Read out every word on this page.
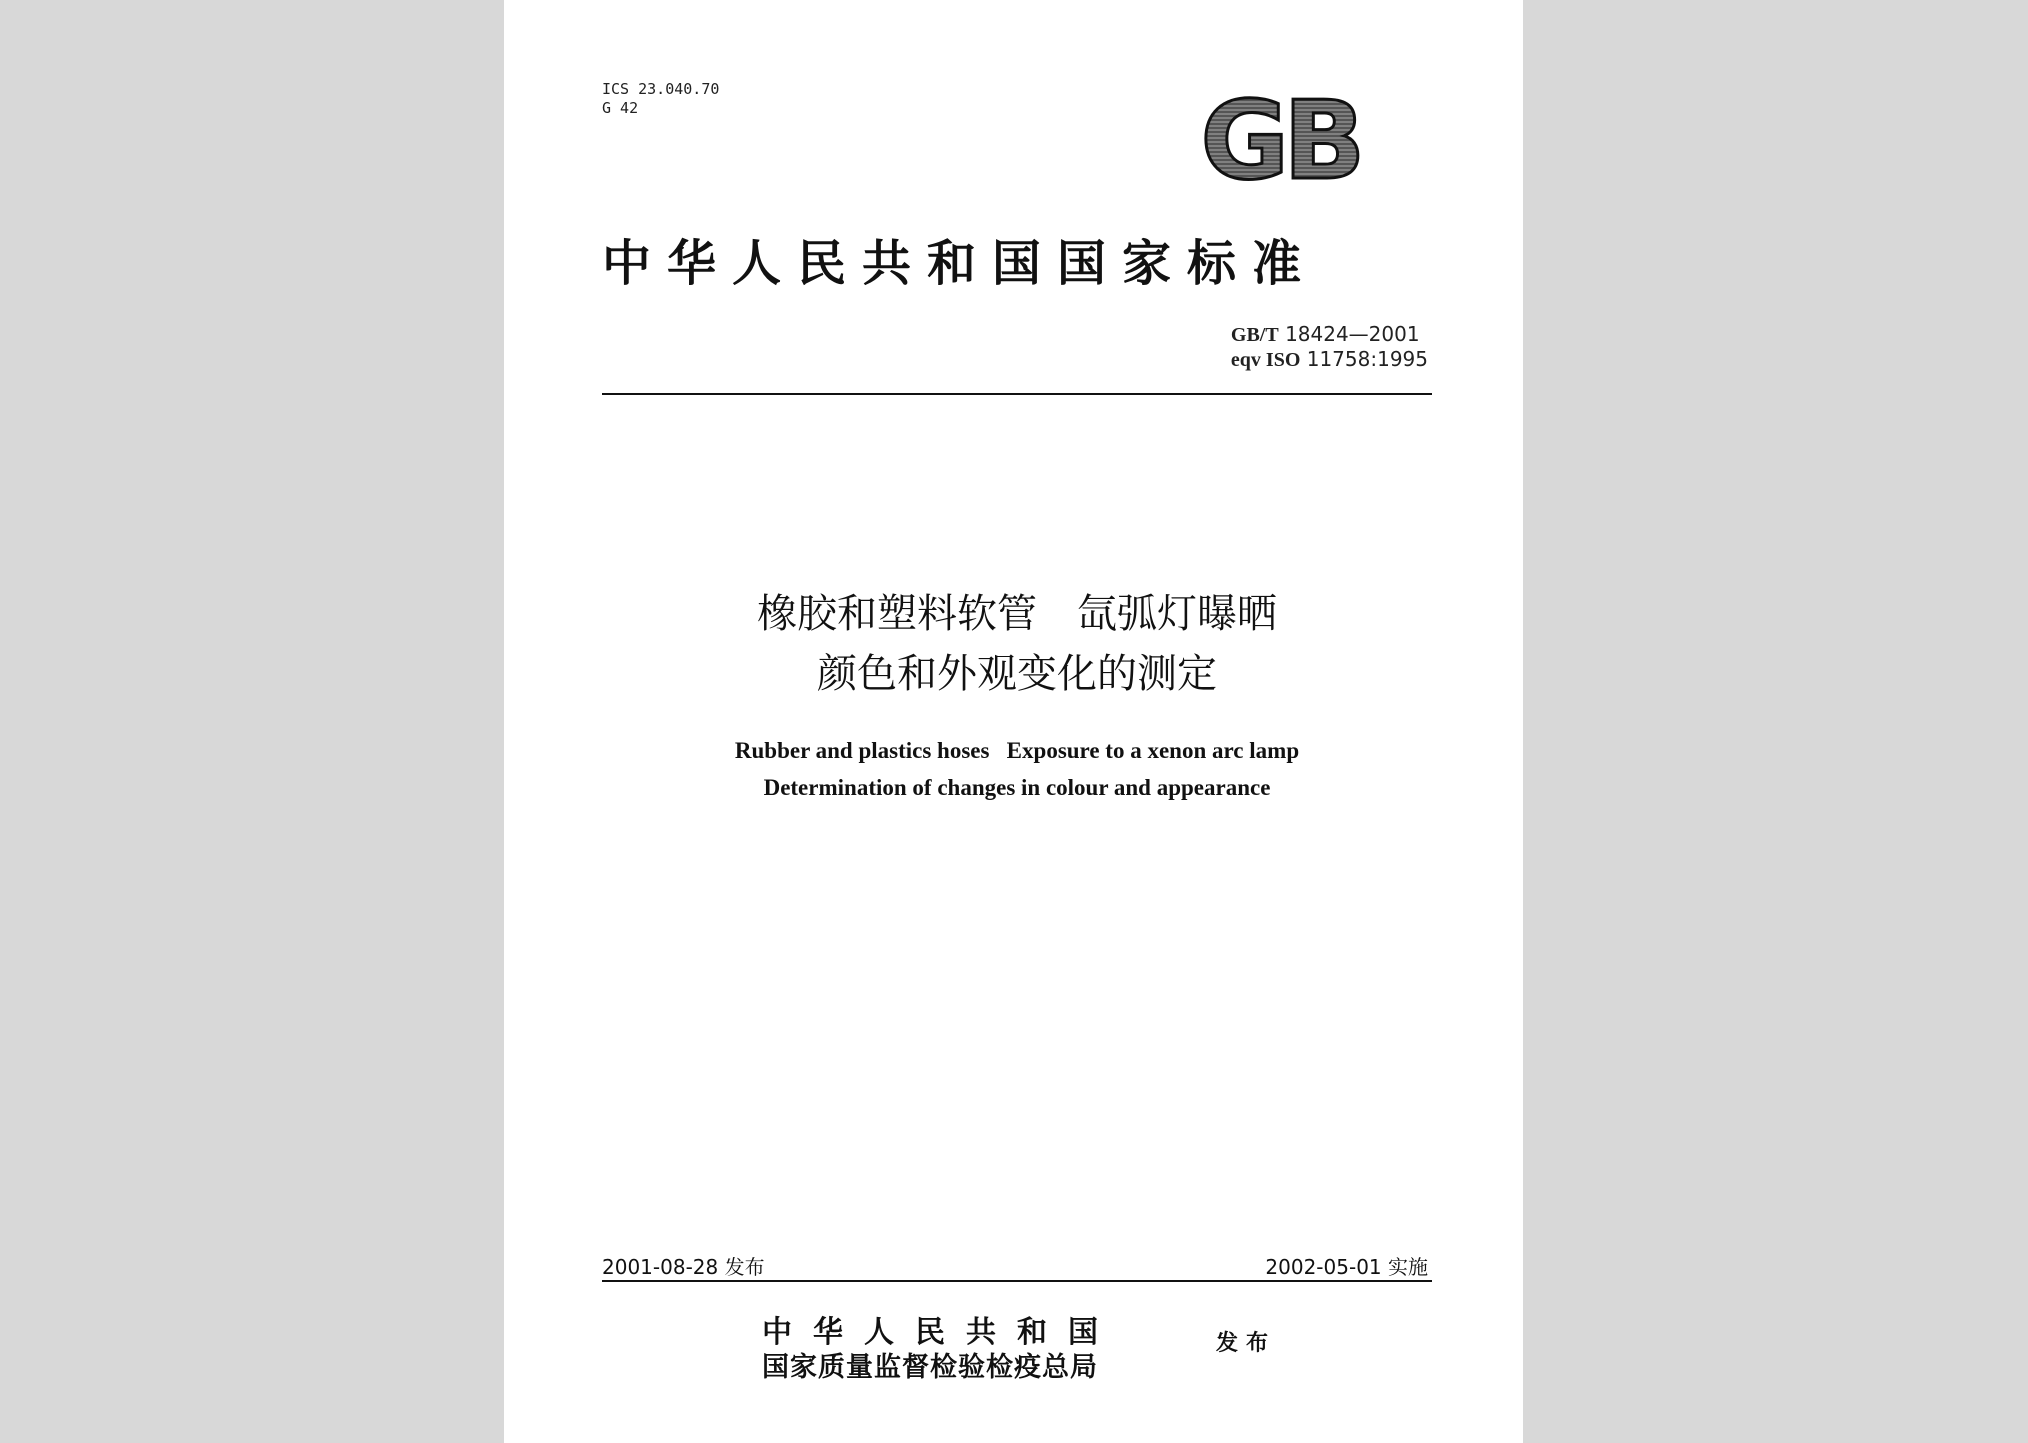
ICS 23.040.70
G 42	GB
中华人民共和国国家标准
GB/T 18424—2001
eqv ISO 11758:1995
橡胶和塑料软管　氙弧灯曝晒
颜色和外观变化的测定
Rubber and plastics hoses   Exposure to a xenon arc lamp
Determination of changes in colour and appearance
2001-08-28 发布	2002-05-01 实施
中华人民共和国
国家质量监督检验检疫总局
发布
